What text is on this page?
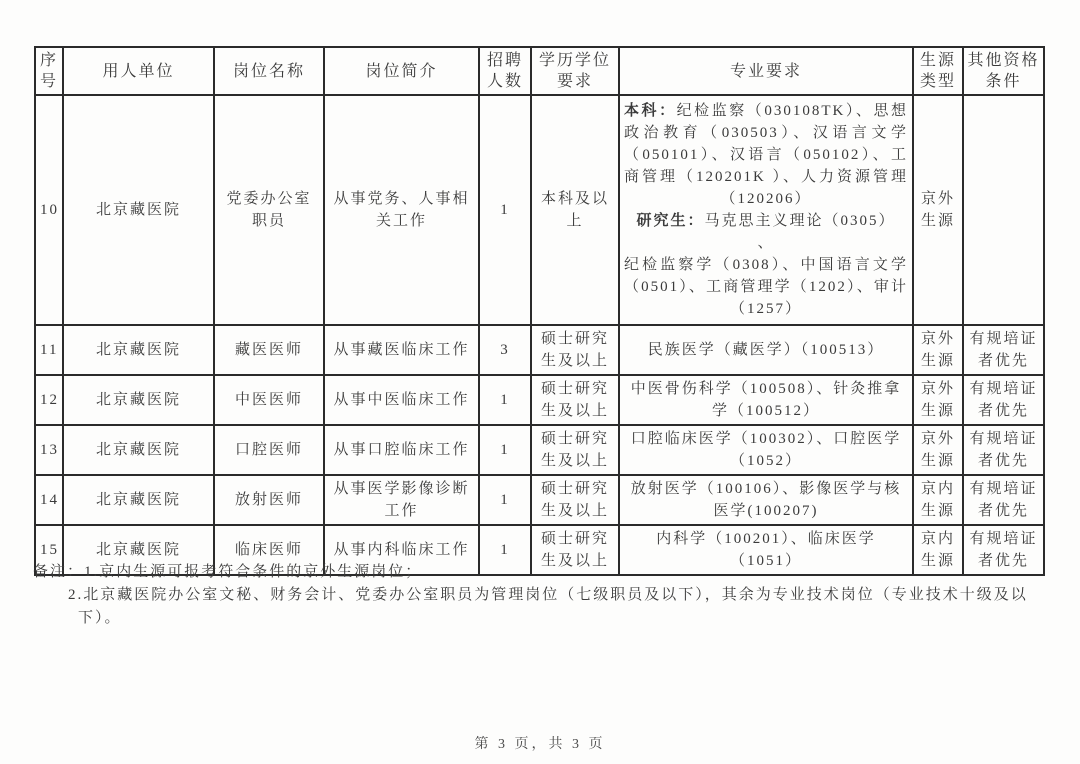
序号	用人单位	岗位名称	岗位简介	招聘人数	学历学位要求	专业要求	生源类型	其他资格条件
10	北京藏医院	党委办公室职员	从事党务、人事相关工作	1	本科及以上	本科：纪检监察（030108TK）、思想政治教育（030503）、汉语言文学（050101）、汉语言（050102）、工商管理（120201K ）、人力资源管理（120206）

研究生：马克思主义理论（0305）

、

纪检监察学（0308）、中国语言文学（0501）、工商管理学（1202）、审计（1257）	京外生源	
11	北京藏医院	藏医医师	从事藏医临床工作	3	硕士研究生及以上	民族医学（藏医学）（100513）	京外生源	有规培证者优先
12	北京藏医院	中医医师	从事中医临床工作	1	硕士研究生及以上	中医骨伤科学（100508）、针灸推拿学（100512）	京外生源	有规培证者优先
13	北京藏医院	口腔医师	从事口腔临床工作	1	硕士研究生及以上	口腔临床医学（100302）、口腔医学（1052）	京外生源	有规培证者优先
14	北京藏医院	放射医师	从事医学影像诊断工作	1	硕士研究生及以上	放射医学（100106）、影像医学与核医学(100207)	京内生源	有规培证者优先
15	北京藏医院	临床医师	从事内科临床工作	1	硕士研究生及以上	内科学（100201）、临床医学（1051）	京内生源	有规培证者优先
备注： 1.京内生源可报考符合条件的京外生源岗位；
2.北京藏医院办公室文秘、财务会计、党委办公室职员为管理岗位（七级职员及以下），其余为专业技术岗位（专业技术十级及以下）。
第 3 页，共 3 页
